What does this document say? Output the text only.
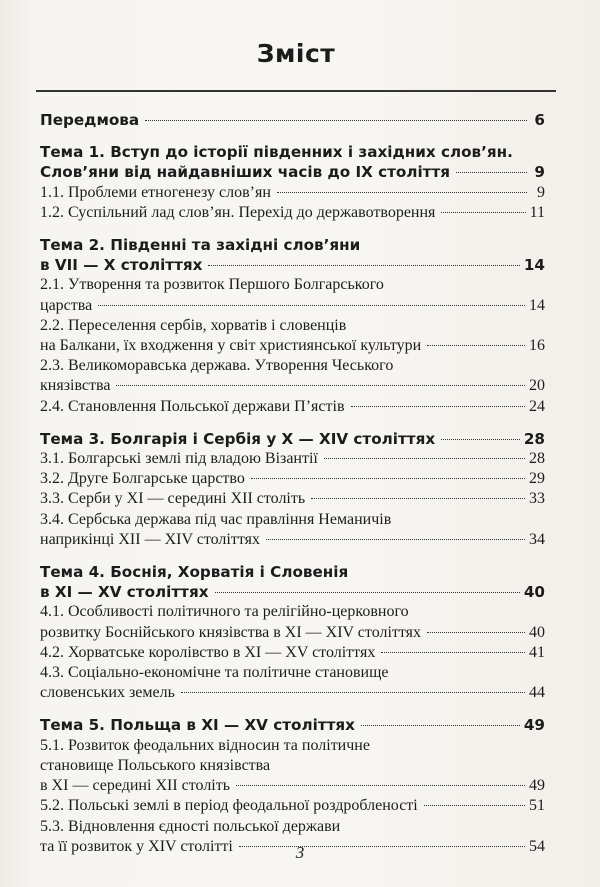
Зміст
Передмова	6
Тема 1. Вступ до історії південних і західних слов’ян.
Слов’яни від найдавніших часів до IX століття	9
1.1. Проблеми етногенезу слов’ян	9
1.2. Суспільний лад слов’ян. Перехід до державотворення	11
Тема 2. Південні та західні слов’яни
в VII — X століттях	14
2.1. Утворення та розвиток Першого Болгарського
царства	14
2.2. Переселення сербів, хорватів і словенців
на Балкани, їх входження у світ християнської культури	16
2.3. Великоморавська держава. Утворення Чеського
князівства	20
2.4. Становлення Польської держави П’ястів	24
Тема 3. Болгарія і Сербія у X — XIV століттях	28
3.1. Болгарські землі під владою Візантії	28
3.2. Друге Болгарське царство	29
3.3. Серби у XI — середині XII століть	33
3.4. Сербська держава під час правління Неманичів
наприкінці XII — XIV століттях	34
Тема 4. Боснія, Хорватія і Словенія
в XI — XV століттях	40
4.1. Особливості політичного та релігійно-церковного
розвитку Боснійського князівства в XI — XIV століттях	40
4.2. Хорватське королівство в XI — XV століттях	41
4.3. Соціально-економічне та політичне становище
словенських земель	44
Тема 5. Польща в XI — XV століттях	49
5.1. Розвиток феодальних відносин та політичне
становище Польського князівства
в XI — середині XII століть	49
5.2. Польські землі в період феодальної роздробленості	51
5.3. Відновлення єдності польської держави
та її розвиток у XIV столітті	54
3
